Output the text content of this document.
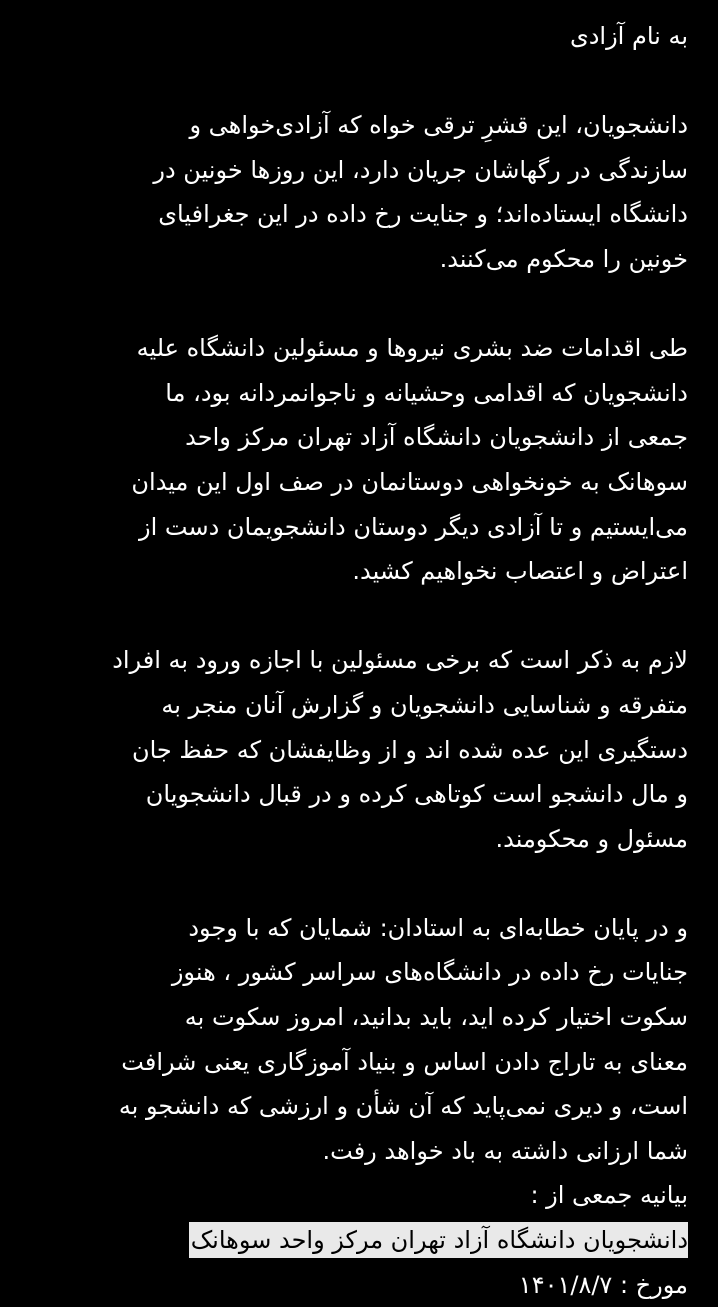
به نام آزادی
دانشجویان، این قشرِ ترقی خواه که آزادی‌خواهی و
سازندگی در رگهاشان جریان دارد، این روزها خونین در
دانشگاه ایستاده‌اند؛ و جنایت رخ داده در این جغرافیای
خونین را محکوم می‌کنند.
طی اقدامات ضد بشری نیروها و مسئولین دانشگاه علیه
دانشجویان که اقدامی وحشیانه و ناجوانمردانه بود، ما
جمعی از دانشجویان دانشگاه آزاد تهران مرکز واحد
سوهانک به خونخواهی دوستانمان در صف اول این میدان
می‌ایستیم و تا آزادی دیگر دوستان دانشجویمان دست از
اعتراض و اعتصاب نخواهیم کشید.
لازم به ذکر است که برخی مسئولین با اجازه ورود به افراد
متفرقه و شناسایی دانشجویان و گزارش آنان منجر به
دستگیری این عده شده اند و از وظایفشان که حفظ جان
و مال دانشجو است کوتاهی کرده و در قبال دانشجویان
مسئول و محکومند.
و در پایان خطابه‌ای به استادان: شمایان که با وجود
جنایات رخ داده در دانشگاه‌های سراسر کشور ، هنوز
سکوت اختیار کرده اید، باید بدانید، امروز سکوت به
معنای به تاراج دادن اساس و بنیاد آموزگاری یعنی شرافت
است، و دیری نمی‌پاید که آن شأن و ارزشی که دانشجو به
شما ارزانی داشته به باد خواهد رفت.
بیانیه جمعی از :
دانشجویان دانشگاه آزاد تهران مرکز واحد سوهانک
مورخ : ۱۴۰۱/۸/۷
